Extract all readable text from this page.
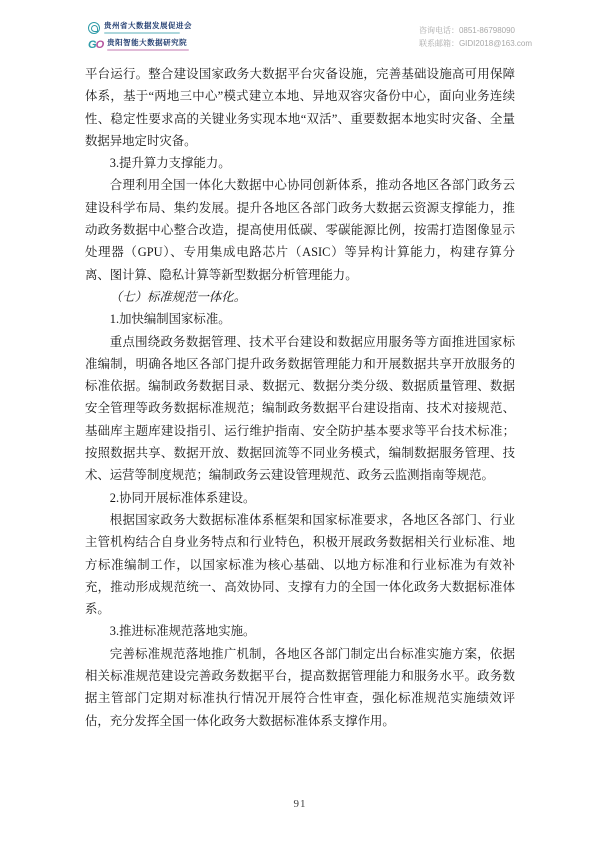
贵州省大数据发展促进会
GO 贵阳智能大数据研究院
咨询电话：0851-86798090
联系邮箱：GIDI2018@163.com

平台运行。整合建设国家政务大数据平台灾备设施，完善基础设施高可用保障体系，基于“两地三中心”模式建立本地、异地双容灾备份中心，面向业务连续性、稳定性要求高的关键业务实现本地“双活”、重要数据本地实时灾备、全量数据异地定时灾备。

3.提升算力支撑能力。

合理利用全国一体化大数据中心协同创新体系，推动各地区各部门政务云建设科学布局、集约发展。提升各地区各部门政务大数据云资源支撑能力，推动政务数据中心整合改造，提高使用低碳、零碳能源比例，按需打造图像显示处理器（GPU）、专用集成电路芯片（ASIC）等异构计算能力，构建存算分离、图计算、隐私计算等新型数据分析管理能力。

（七）标准规范一体化。

1.加快编制国家标准。

重点围绕政务数据管理、技术平台建设和数据应用服务等方面推进国家标准编制，明确各地区各部门提升政务数据管理能力和开展数据共享开放服务的标准依据。编制政务数据目录、数据元、数据分类分级、数据质量管理、数据安全管理等政务数据标准规范；编制政务数据平台建设指南、技术对接规范、基础库主题库建设指引、运行维护指南、安全防护基本要求等平台技术标准；按照数据共享、数据开放、数据回流等不同业务模式，编制数据服务管理、技术、运营等制度规范；编制政务云建设管理规范、政务云监测指南等规范。

2.协同开展标准体系建设。

根据国家政务大数据标准体系框架和国家标准要求，各地区各部门、行业主管机构结合自身业务特点和行业特色，积极开展政务数据相关行业标准、地方标准编制工作，以国家标准为核心基础、以地方标准和行业标准为有效补充，推动形成规范统一、高效协同、支撑有力的全国一体化政务大数据标准体系。

3.推进标准规范落地实施。

完善标准规范落地推广机制，各地区各部门制定出台标准实施方案，依据相关标准规范建设完善政务数据平台，提高数据管理能力和服务水平。政务数据主管部门定期对标准执行情况开展符合性审查，强化标准规范实施绩效评估，充分发挥全国一体化政务大数据标准体系支撑作用。

91
